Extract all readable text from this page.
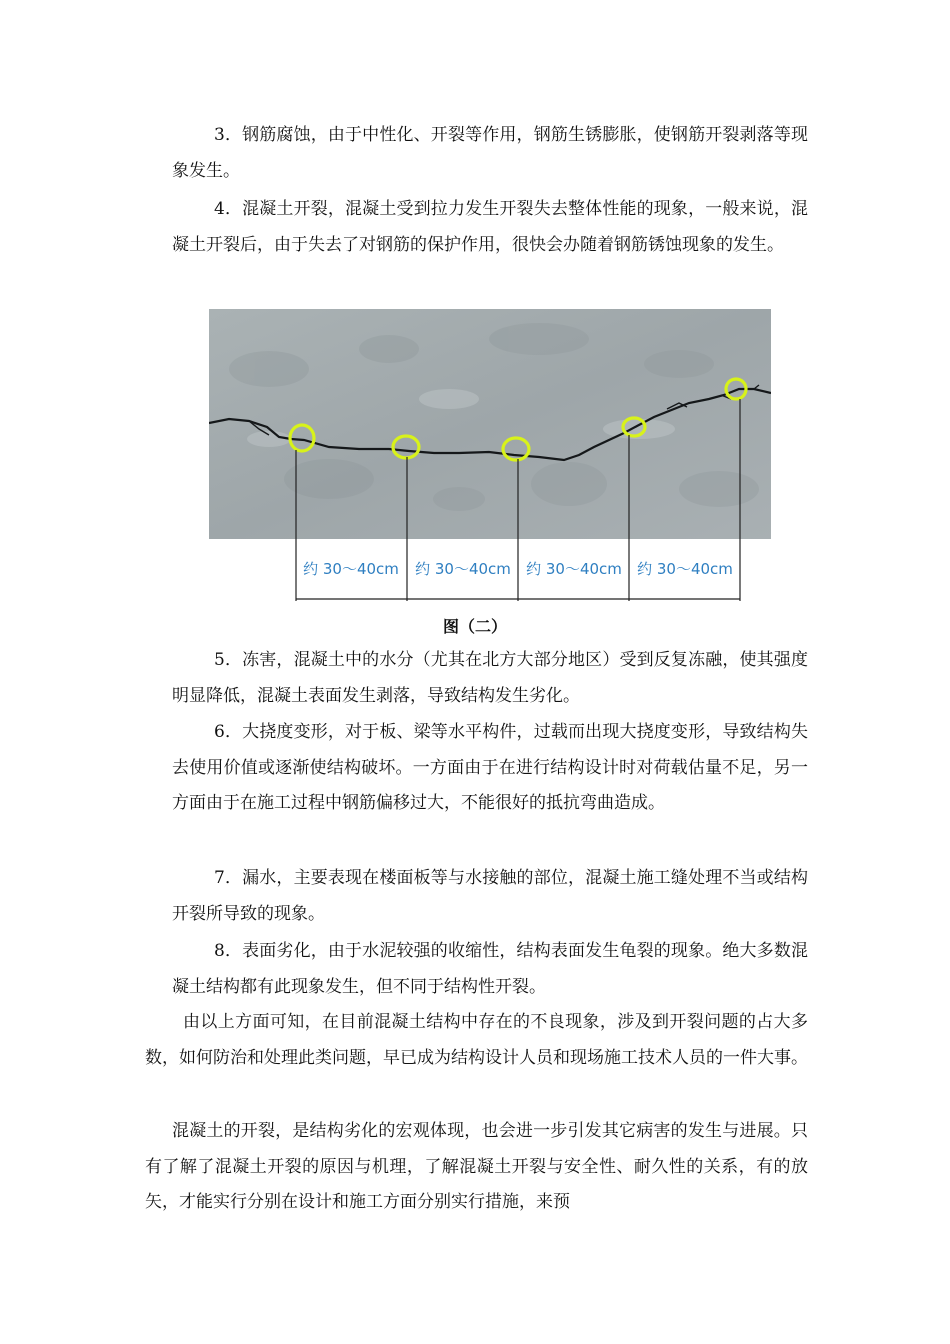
3．钢筋腐蚀，由于中性化、开裂等作用，钢筋生锈膨胀，使钢筋开裂剥落等现象发生。
4．混凝土开裂，混凝土受到拉力发生开裂失去整体性能的现象，一般来说，混凝土开裂后，由于失去了对钢筋的保护作用，很快会办随着钢筋锈蚀现象的发生。
约 30～40cm 约 30～40cm 约 30～40cm 约 30～40cm
图（二）
5．冻害，混凝土中的水分（尤其在北方大部分地区）受到反复冻融，使其强度明显降低，混凝土表面发生剥落，导致结构发生劣化。
6．大挠度变形，对于板、梁等水平构件，过载而出现大挠度变形，导致结构失去使用价值或逐渐使结构破坏。一方面由于在进行结构设计时对荷载估量不足，另一方面由于在施工过程中钢筋偏移过大，不能很好的抵抗弯曲造成。
7．漏水，主要表现在楼面板等与水接触的部位，混凝土施工缝处理不当或结构开裂所导致的现象。
8．表面劣化，由于水泥较强的收缩性，结构表面发生龟裂的现象。绝大多数混凝土结构都有此现象发生，但不同于结构性开裂。
由以上方面可知，在目前混凝土结构中存在的不良现象，涉及到开裂问题的占大多数，如何防治和处理此类问题，早已成为结构设计人员和现场施工技术人员的一件大事。
混凝土的开裂，是结构劣化的宏观体现，也会进一步引发其它病害的发生与进展。只有了解了混凝土开裂的原因与机理，了解混凝土开裂与安全性、耐久性的关系，有的放矢，才能实行分别在设计和施工方面分别实行措施，来预
